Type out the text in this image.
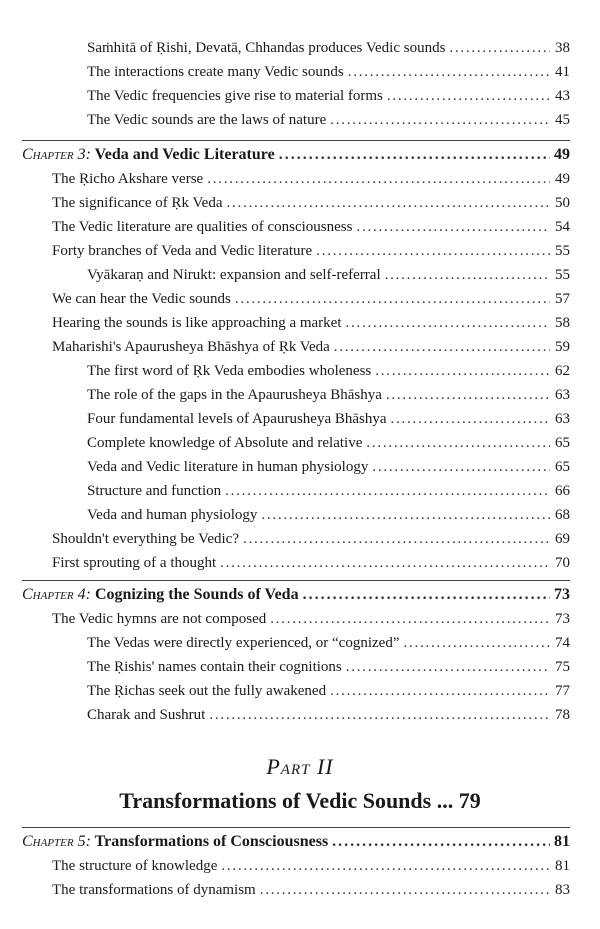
Saṁhitā of Ṛishi, Devatā, Chhandas produces Vedic sounds . . .	38
The interactions create many Vedic sounds . . .	41
The Vedic frequencies give rise to material forms . . .	43
The Vedic sounds are the laws of nature . . .	45
Chapter 3: Veda and Vedic Literature . . .	49
The Ṛicho Akshare verse . . .	49
The significance of Ṛk Veda . . .	50
The Vedic literature are qualities of consciousness . . .	54
Forty branches of Veda and Vedic literature . . .	55
Vyākaraṇ and Nirukt: expansion and self-referral . . .	55
We can hear the Vedic sounds . . .	57
Hearing the sounds is like approaching a market . . .	58
Maharishi's Apaurusheya Bhāshya of Ṛk Veda . . .	59
The first word of Ṛk Veda embodies wholeness . . .	62
The role of the gaps in the Apaurusheya Bhāshya . . .	63
Four fundamental levels of Apaurusheya Bhāshya . . .	63
Complete knowledge of Absolute and relative . . .	65
Veda and Vedic literature in human physiology . . .	65
Structure and function . . .	66
Veda and human physiology . . .	68
Shouldn't everything be Vedic? . . .	69
First sprouting of a thought . . .	70
Chapter 4: Cognizing the Sounds of Veda . . .	73
The Vedic hymns are not composed . . .	73
The Vedas were directly experienced, or “cognized” . . .	74
The Ṛishis' names contain their cognitions . . .	75
The Ṛichas seek out the fully awakened . . .	77
Charak and Sushrut . . .	78
Part II
Transformations of Vedic Sounds ... 79
Chapter 5: Transformations of Consciousness . . .	81
The structure of knowledge . . .	81
The transformations of dynamism . . .	83
